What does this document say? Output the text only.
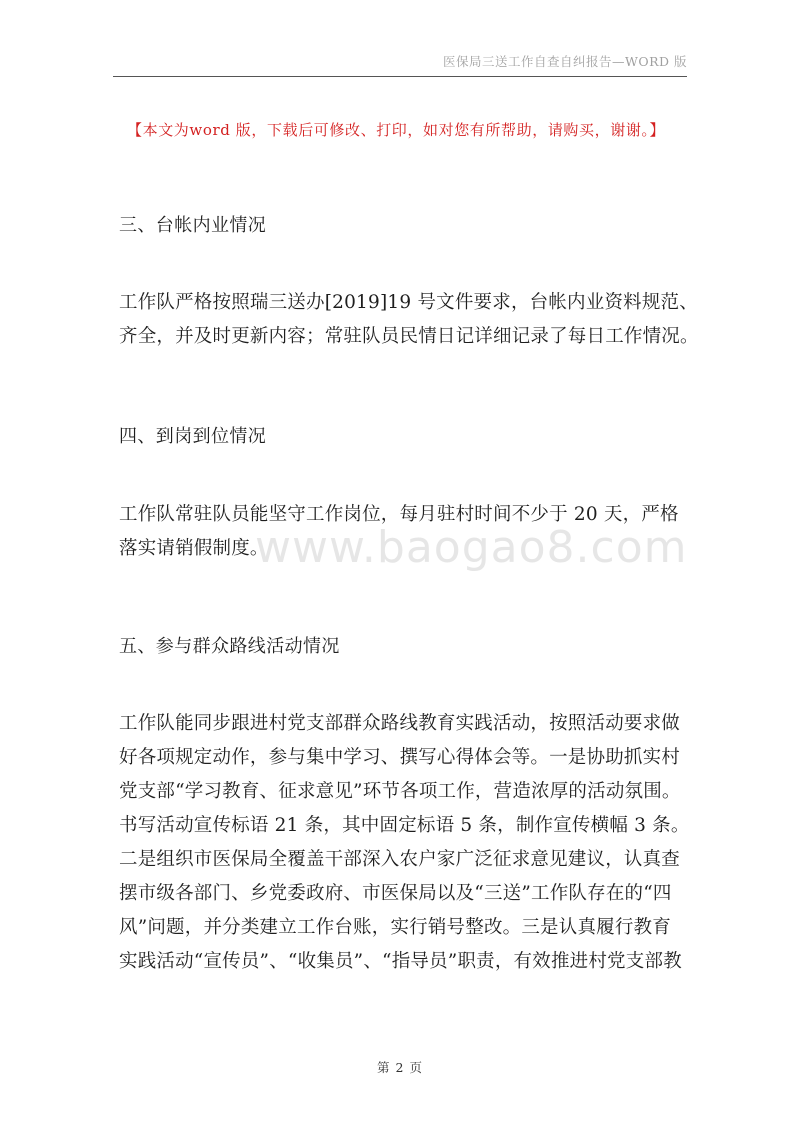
医保局三送工作自查自纠报告—WORD 版
【本文为word 版，下载后可修改、打印，如对您有所帮助，请购买，谢谢。】
三、台帐内业情况

工作队严格按照瑞三送办[2019]19 号文件要求，台帐内业资料规范、
齐全，并及时更新内容；常驻队员民情日记详细记录了每日工作情况。

四、到岗到位情况

工作队常驻队员能坚守工作岗位，每月驻村时间不少于 20 天，严格
落实请销假制度。

五、参与群众路线活动情况

工作队能同步跟进村党支部群众路线教育实践活动，按照活动要求做
好各项规定动作，参与集中学习、撰写心得体会等。一是协助抓实村
党支部“学习教育、征求意见”环节各项工作，营造浓厚的活动氛围。
书写活动宣传标语 21 条，其中固定标语 5 条，制作宣传横幅 3 条。
二是组织市医保局全覆盖干部深入农户家广泛征求意见建议，认真查
摆市级各部门、乡党委政府、市医保局以及“三送”工作队存在的“四
风”问题，并分类建立工作台账，实行销号整改。三是认真履行教育
实践活动“宣传员”、“收集员”、“指导员”职责，有效推进村党支部教

www.baogao8.com
第 2 页
